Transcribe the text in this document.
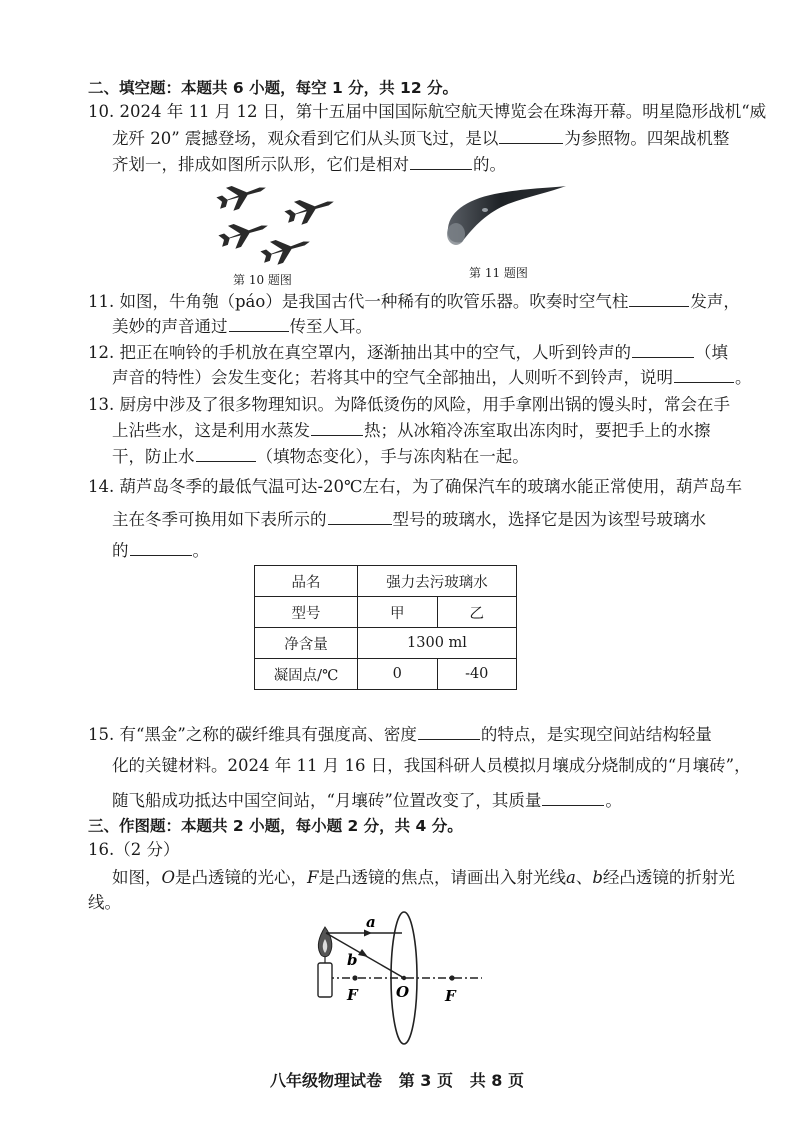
二、填空题：本题共 6 小题，每空 1 分，共 12 分。
10. 2024 年 11 月 12 日，第十五届中国国际航空航天博览会在珠海开幕。明星隐形战机“威
龙歼 20” 震撼登场，观众看到它们从头顶飞过，是以	为参照物。四架战机整
齐划一，排成如图所示队形，它们是相对	的。
第 10 题图	第 11 题图
11. 如图，牛角匏（páo）是我国古代一种稀有的吹管乐器。吹奏时空气柱	发声，
美妙的声音通过	传至人耳。
12. 把正在响铃的手机放在真空罩内，逐渐抽出其中的空气，人听到铃声的	（填
声音的特性）会发生变化；若将其中的空气全部抽出，人则听不到铃声，说明	。
13. 厨房中涉及了很多物理知识。为降低烫伤的风险，用手拿刚出锅的馒头时，常会在手
上沾些水，这是利用水蒸发	热；从冰箱冷冻室取出冻肉时，要把手上的水擦
干，防止水	（填物态变化），手与冻肉粘在一起。
14. 葫芦岛冬季的最低气温可达-20℃左右，为了确保汽车的玻璃水能正常使用，葫芦岛车
主在冬季可换用如下表所示的	型号的玻璃水，选择它是因为该型号玻璃水
的	。
品名	强力去污玻璃水	
型号	甲	乙
净含量	1300 ml	
凝固点/℃	0	-40
15. 有“黑金”之称的碳纤维具有强度高、密度	的特点，是实现空间站结构轻量
化的关键材料。2024 年 11 月 16 日，我国科研人员模拟月壤成分烧制成的“月壤砖”，
随飞船成功抵达中国空间站，“月壤砖”位置改变了，其质量	。
三、作图题：本题共 2 小题，每小题 2 分，共 4 分。
16.（2 分）
如图，O是凸透镜的光心，F是凸透镜的焦点，请画出入射光线a、b经凸透镜的折射光
线。
a
b
F	O F
八年级物理试卷   第 3 页   共 8 页
